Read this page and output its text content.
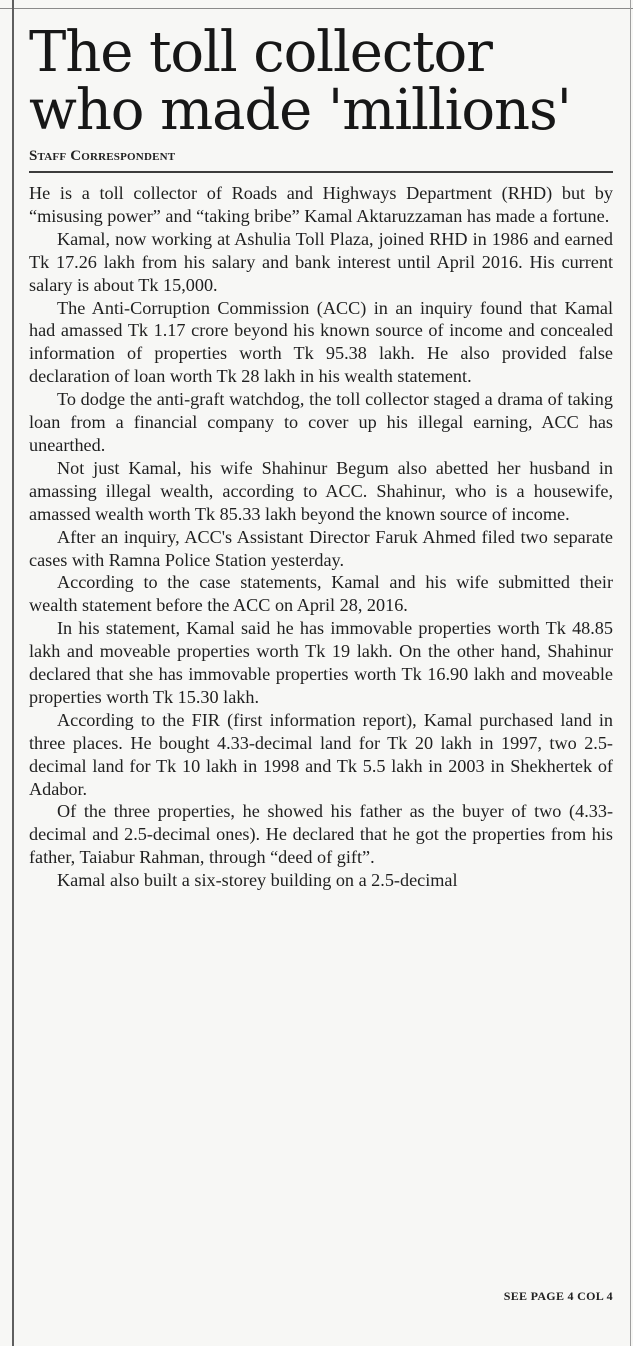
The toll collector who made 'millions'
Staff Correspondent

He is a toll collector of Roads and Highways Department (RHD) but by “misusing power” and “taking bribe” Kamal Aktaruzzaman has made a fortune.

Kamal, now working at Ashulia Toll Plaza, joined RHD in 1986 and earned Tk 17.26 lakh from his salary and bank interest until April 2016. His current salary is about Tk 15,000.

The Anti-Corruption Commission (ACC) in an inquiry found that Kamal had amassed Tk 1.17 crore beyond his known source of income and concealed information of properties worth Tk 95.38 lakh. He also provided false declaration of loan worth Tk 28 lakh in his wealth statement.

To dodge the anti-graft watchdog, the toll collector staged a drama of taking loan from a financial company to cover up his illegal earning, ACC has unearthed.

Not just Kamal, his wife Shahinur Begum also abetted her husband in amassing illegal wealth, according to ACC. Shahinur, who is a housewife, amassed wealth worth Tk 85.33 lakh beyond the known source of income.

After an inquiry, ACC's Assistant Director Faruk Ahmed filed two separate cases with Ramna Police Station yesterday.

According to the case statements, Kamal and his wife submitted their wealth statement before the ACC on April 28, 2016.

In his statement, Kamal said he has immovable properties worth Tk 48.85 lakh and moveable properties worth Tk 19 lakh. On the other hand, Shahinur declared that she has immovable properties worth Tk 16.90 lakh and moveable properties worth Tk 15.30 lakh.

According to the FIR (first information report), Kamal purchased land in three places. He bought 4.33-decimal land for Tk 20 lakh in 1997, two 2.5-decimal land for Tk 10 lakh in 1998 and Tk 5.5 lakh in 2003 in Shekhertek of Adabor.

Of the three properties, he showed his father as the buyer of two (4.33-decimal and 2.5-decimal ones). He declared that he got the properties from his father, Taiabur Rahman, through “deed of gift”.

Kamal also built a six-storey building on a 2.5-decimal

SEE PAGE 4 COL 4
